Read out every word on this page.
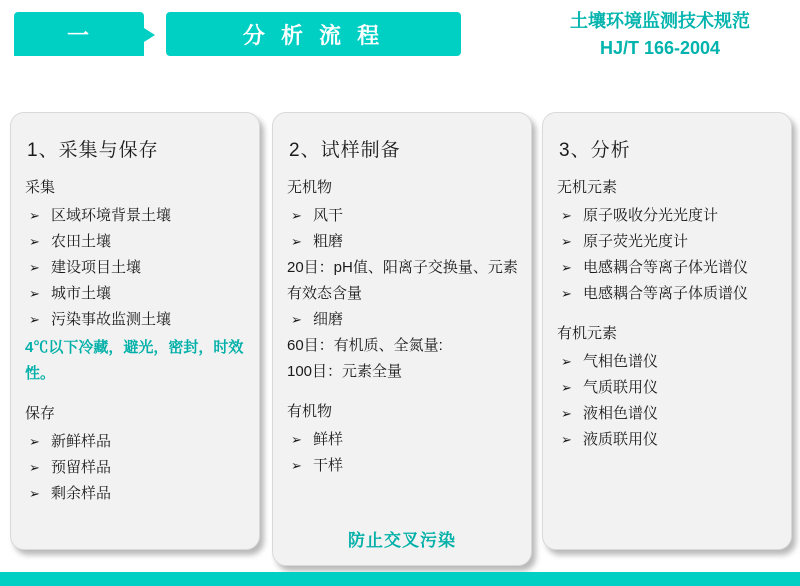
一	分 析 流 程
土壤环境监测技术规范
HJ/T 166-2004
1、采集与保存

采集

➢ 区域环境背景土壤
➢ 农田土壤
➢ 建设项目土壤
➢ 城市土壤
➢ 污染事故监测土壤

4℃以下冷藏，避光，密封，时效性。

保存

➢ 新鲜样品
➢ 预留样品
➢ 剩余样品
2、试样制备

无机物

➢ 风干
➢ 粗磨

20目：pH值、阳离子交换量、元素有效态含量

➢ 细磨

60目：有机质、全氮量:

100目：元素全量

有机物

➢ 鲜样
➢ 干样
防止交叉污染
3、分析

无机元素

➢ 原子吸收分光光度计
➢ 原子荧光光度计
➢ 电感耦合等离子体光谱仪
➢ 电感耦合等离子体质谱仪

有机元素

➢ 气相色谱仪
➢ 气质联用仪
➢ 液相色谱仪
➢ 液质联用仪
